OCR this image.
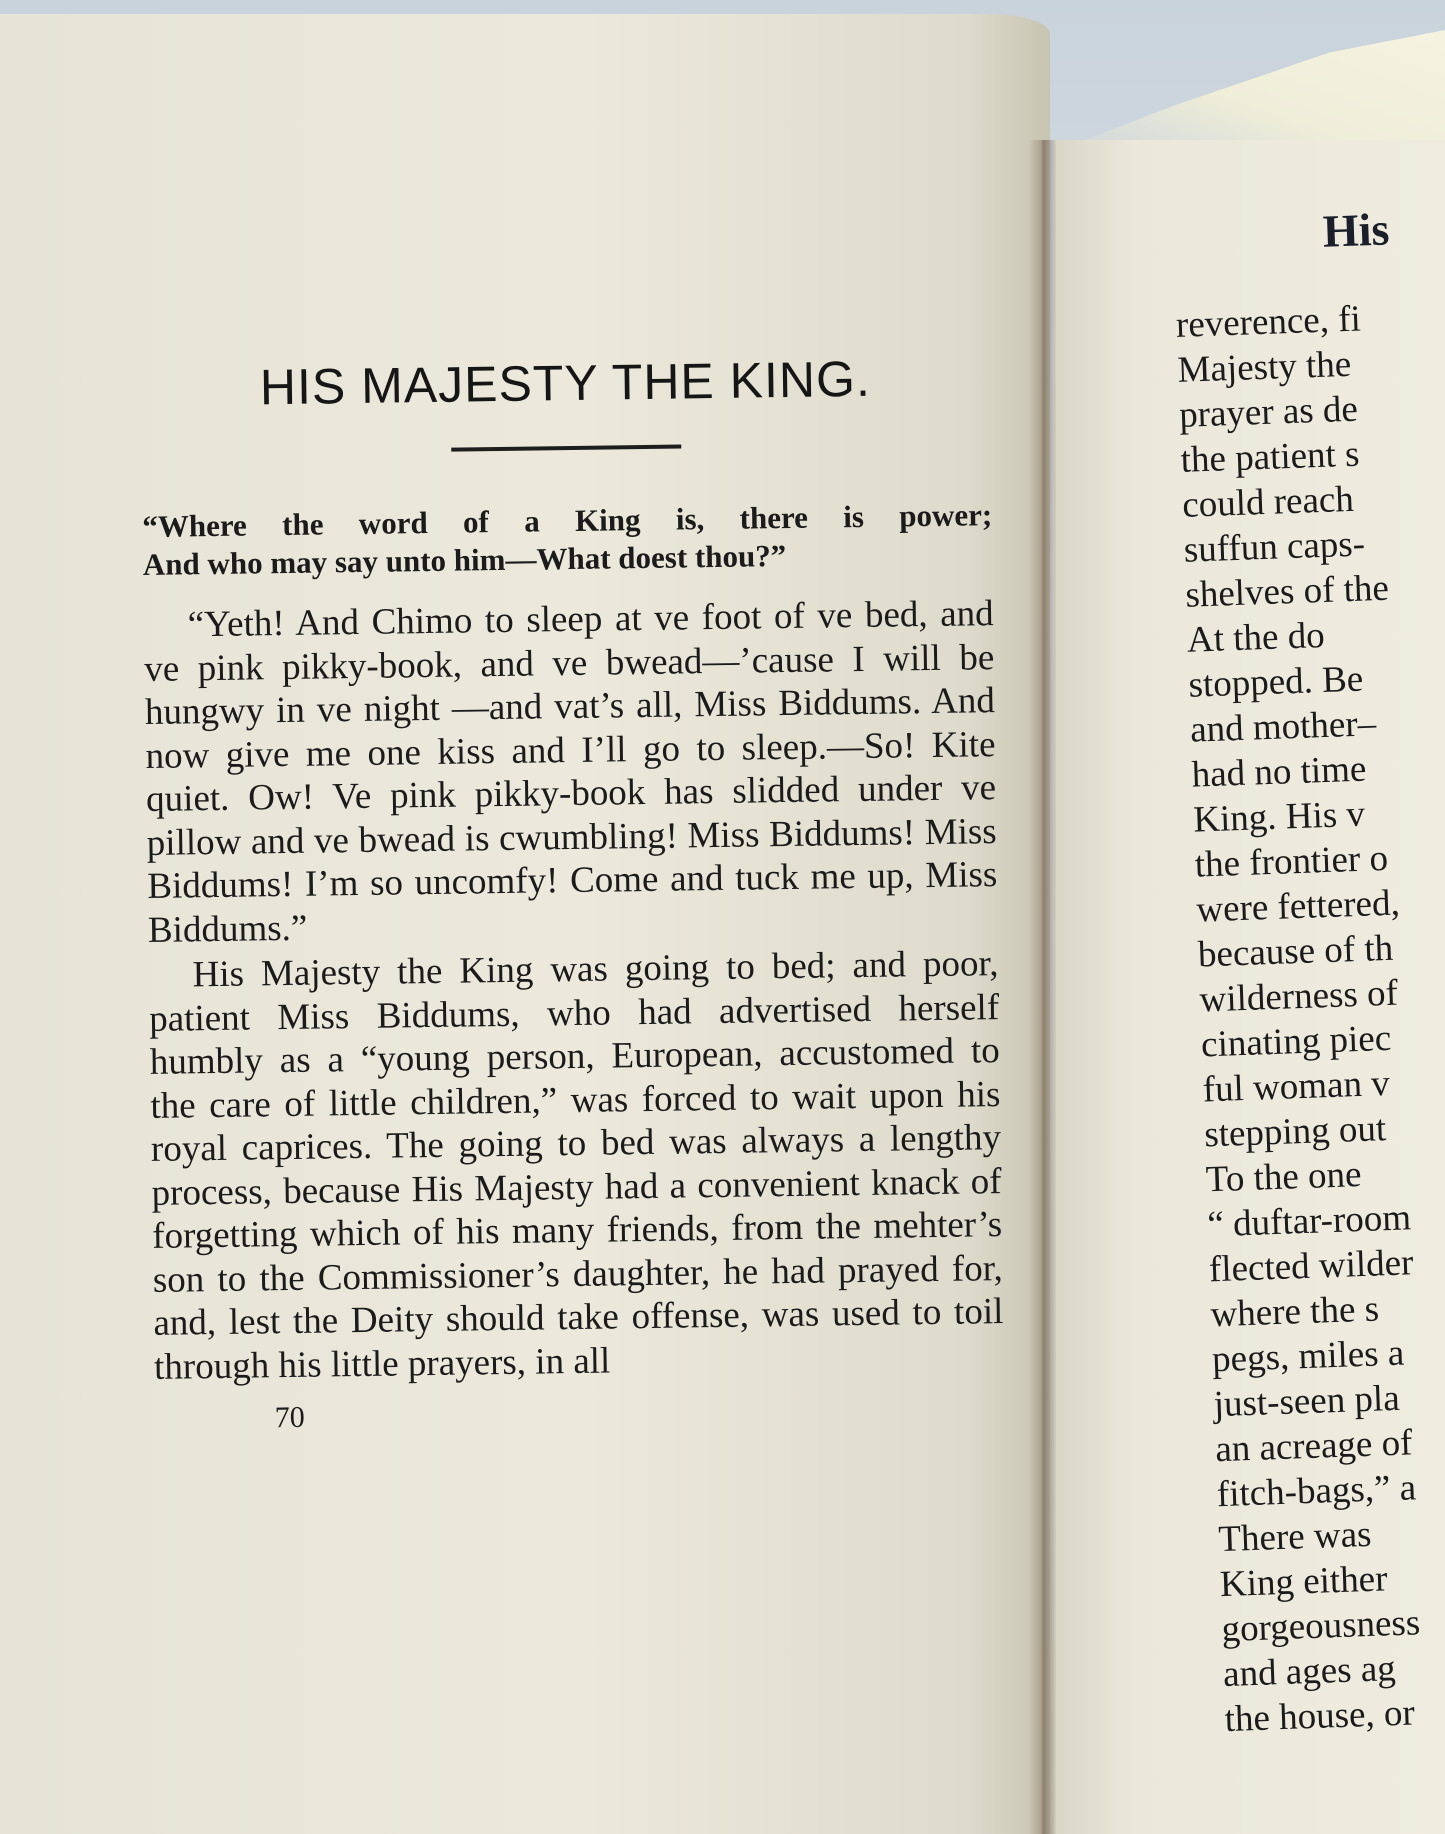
HIS MAJESTY THE KING.
“Where the word of a King is, there is power;
And who may say unto him—What doest thou?”

“Yeth! And Chimo to sleep at ve foot of ve bed, and ve pink pikky-book, and ve bwead—’cause I will be hungwy in ve night —and vat’s all, Miss Biddums. And now give me one kiss and I’ll go to sleep.—So! Kite quiet. Ow! Ve pink pikky-book has slidded under ve pillow and ve bwead is cwumbling! Miss Biddums! Miss Biddums! I’m so uncomfy! Come and tuck me up, Miss Biddums.”

His Majesty the King was going to bed; and poor, patient Miss Biddums, who had advertised herself humbly as a “young person, European, accustomed to the care of little children,” was forced to wait upon his royal caprices. The going to bed was always a lengthy process, because His Majesty had a convenient knack of forgetting which of his many friends, from the mehter’s son to the Commissioner’s daughter, he had prayed for, and, lest the Deity should take offense, was used to toil through his little prayers, in all

70
His
reverence, fi
Majesty the
prayer as de
the patient s
could reach
suffun caps-
shelves of the
At the do
stopped. Be
and mother–
had no time
King. His v
the frontier o
were fettered,
because of th
wilderness of
cinating piec
ful woman v
stepping out
To the one
“ duftar-room
flected wilder
where the s
pegs, miles a
just-seen pla
an acreage of
fitch-bags,” a
There was
King either
gorgeousness
and ages ag
the house, or
